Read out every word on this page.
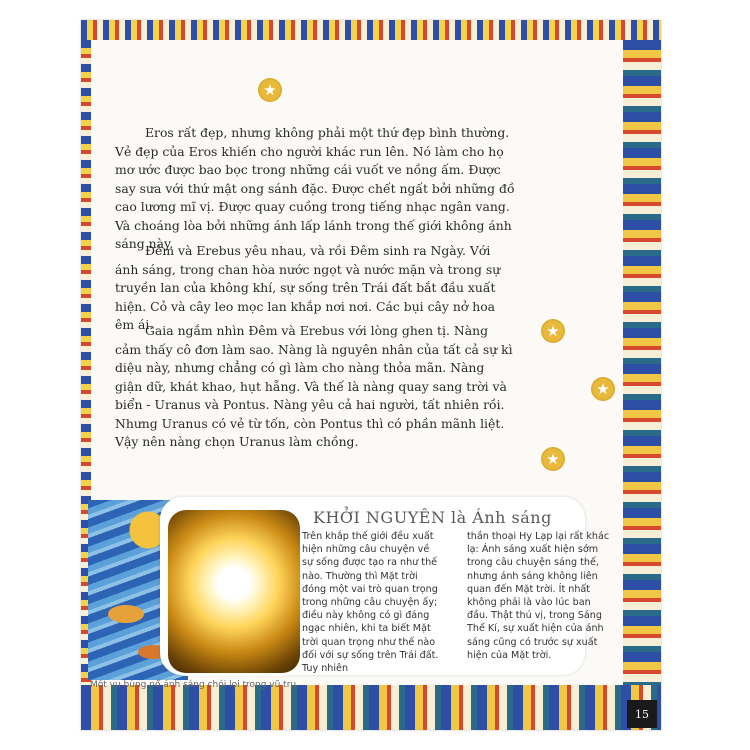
★
★
★
★

Eros rất đẹp, nhưng không phải một thứ đẹp bình thường. Vẻ đẹp của Eros khiến cho người khác run lên. Nó làm cho họ mơ ước được bao bọc trong những cái vuốt ve nồng ấm. Được say sưa với thứ mật ong sánh đặc. Được chết ngất bởi những đồ cao lương mĩ vị. Được quay cuồng trong tiếng nhạc ngân vang. Và choáng lòa bởi những ánh lấp lánh trong thế giới không ánh sáng này.

Đêm và Erebus yêu nhau, và rồi Đêm sinh ra Ngày. Với ánh sáng, trong chan hòa nước ngọt và nước mặn và trong sự truyền lan của không khí, sự sống trên Trái đất bắt đầu xuất hiện. Cỏ và cây leo mọc lan khắp nơi nơi. Các bụi cây nở hoa êm ái.

Gaia ngắm nhìn Đêm và Erebus với lòng ghen tị. Nàng cảm thấy cô đơn làm sao. Nàng là nguyên nhân của tất cả sự kì diệu này, nhưng chẳng có gì làm cho nàng thỏa mãn. Nàng giận dữ, khát khao, hụt hẫng. Và thế là nàng quay sang trời và biển - Uranus và Pontus. Nàng yêu cả hai người, tất nhiên rồi. Nhưng Uranus có vẻ từ tốn, còn Pontus thì có phần mãnh liệt. Vậy nên nàng chọn Uranus làm chồng.

KHỞI NGUYÊN là Ánh sáng
Trên khắp thế giới đều xuất hiện những câu chuyện về sự sống được tạo ra như thế nào. Thường thì Mặt trời đóng một vai trò quan trọng trong những câu chuyện ấy; điều này không có gì đáng ngạc nhiên, khi ta biết Mặt trời quan trọng như thế nào đối với sự sống trên Trái đất. Tuy nhiên
thần thoại Hy Lạp lại rất khác lạ: Ánh sáng xuất hiện sớm trong câu chuyện sáng thế, nhưng ánh sáng không liên quan đến Mặt trời. Ít nhất không phải là vào lúc ban đầu. Thật thú vị, trong Sáng Thế Kí, sự xuất hiện của ánh sáng cũng có trước sự xuất hiện của Mặt trời.
Một vụ bùng nổ ánh sáng chói lọi trong vũ trụ
15
